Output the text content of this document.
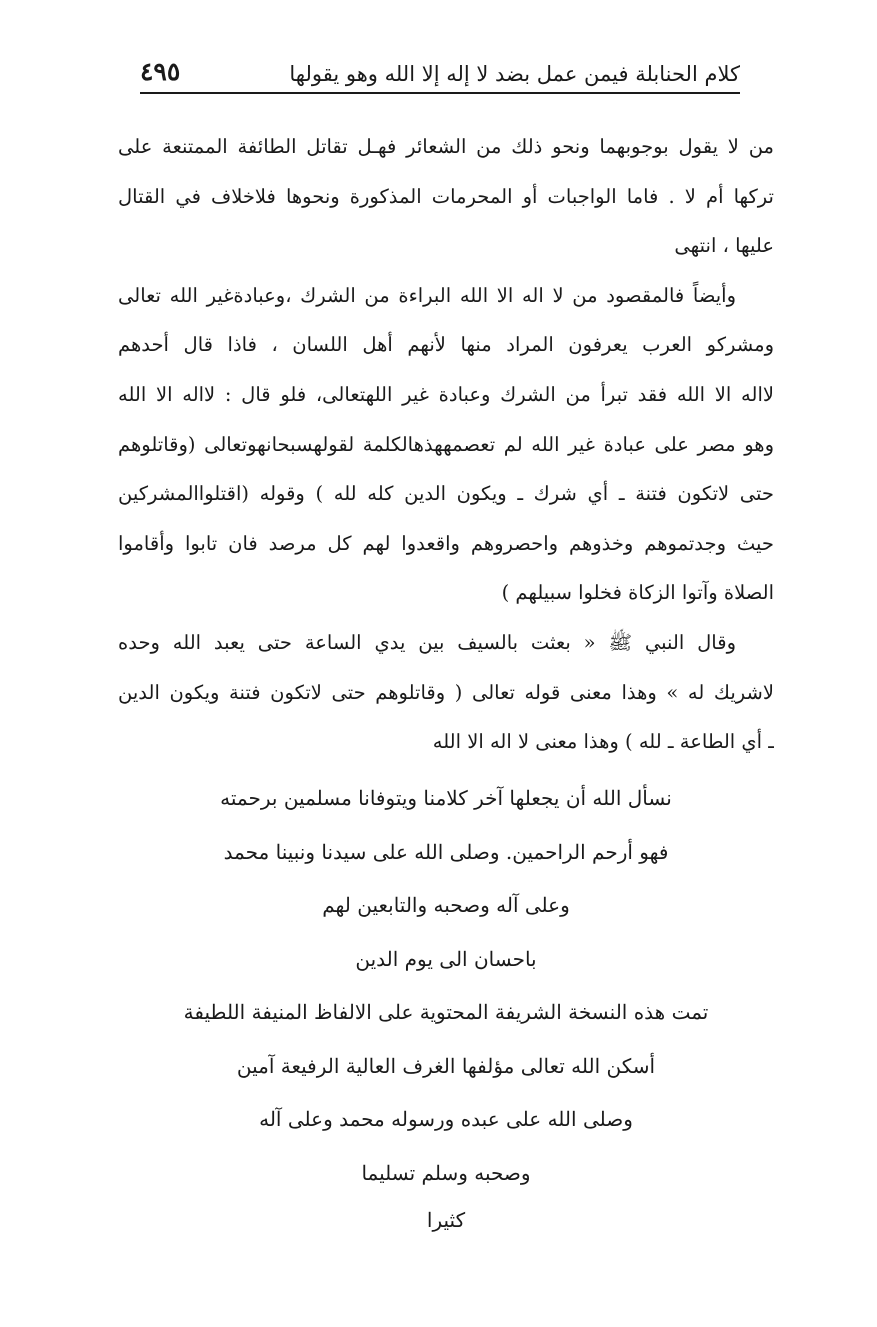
كلام الحنابلة فيمن عمل بضد لا إله إلا الله وهو يقولها
٤٩٥
من لا يقول بوجوبهما ونحو ذلك من الشعائر فهـل تقاتل الطائفة الممتنعة على
تركها أم لا . فاما الواجبات أو المحرمات المذكورة ونحوها فلاخلاف في القتال
عليها ، انتهى
وأيضاً فالمقصود من لا اله الا الله البراءة من الشرك ،وعبادةغير الله تعالى
ومشركو العرب يعرفون المراد منها لأنهم أهل اللسان ، فاذا قال أحدهم
لااله الا الله فقد تبرأ من الشرك وعبادة غير اللهتعالى، فلو قال : لااله الا الله
وهو مصر على عبادة غير الله لم تعصمههذهالكلمة لقولهسبحانهوتعالى (وقاتلوهم
حتى لاتكون فتنة ـ أي شرك ـ ويكون الدين كله لله ) وقوله (اقتلواالمشركين
حيث وجدتموهم وخذوهم واحصروهم واقعدوا لهم كل مرصد فان تابوا وأقاموا
الصلاة وآتوا الزكاة فخلوا سبيلهم )
وقال النبي ﷺ « بعثت بالسيف بين يدي الساعة حتى يعبد الله وحده
لاشريك له » وهذا معنى قوله تعالى ( وقاتلوهم حتى لاتكون فتنة ويكون الدين
ـ أي الطاعة ـ لله ) وهذا معنى لا اله الا الله
نسأل الله أن يجعلها آخر كلامنا ويتوفانا مسلمين برحمته
فهو أرحم الراحمين. وصلى الله على سيدنا ونبينا محمد
وعلى آله وصحبه والتابعين لهم
باحسان الى يوم الدين
تمت هذه النسخة الشريفة المحتوية على الالفاظ المنيفة اللطيفة
أسكن الله تعالى مؤلفها الغرف العالية الرفيعة آمين
وصلى الله على عبده ورسوله محمد وعلى آله
وصحبه وسلم تسليما
كثيرا
